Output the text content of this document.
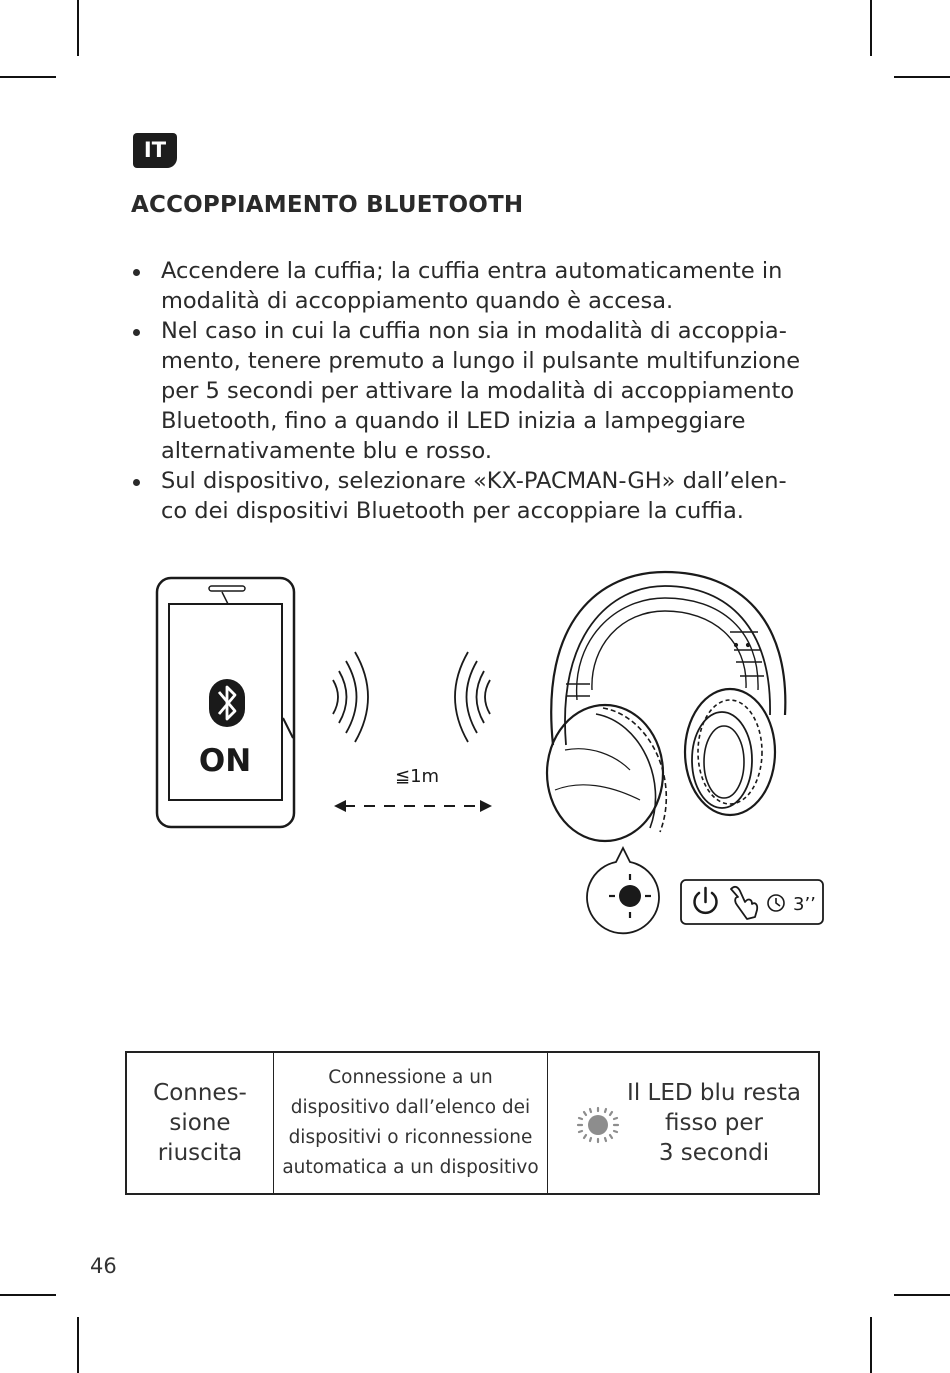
IT
ACCOPPIAMENTO BLUETOOTH
Accendere la cuffia; la cuffia entra automaticamente in
modalità di accoppiamento quando è accesa.
Nel caso in cui la cuffia non sia in modalità di accoppia-
mento, tenere premuto a lungo il pulsante multifunzione
per 5 secondi per attivare la modalità di accoppiamento
Bluetooth, fino a quando il LED inizia a lampeggiare
alternativamente blu e rosso.
Sul dispositivo, selezionare «KX-PACMAN-GH» dall’elen-
co dei dispositivi Bluetooth per accoppiare la cuffia.
ON	≦1m
3’’
Connes-
sione
riuscita
Connessione a un
dispositivo dall’elenco dei
dispositivi o riconnessione
automatica a un dispositivo
Il LED blu resta
fisso per
3 secondi
46
